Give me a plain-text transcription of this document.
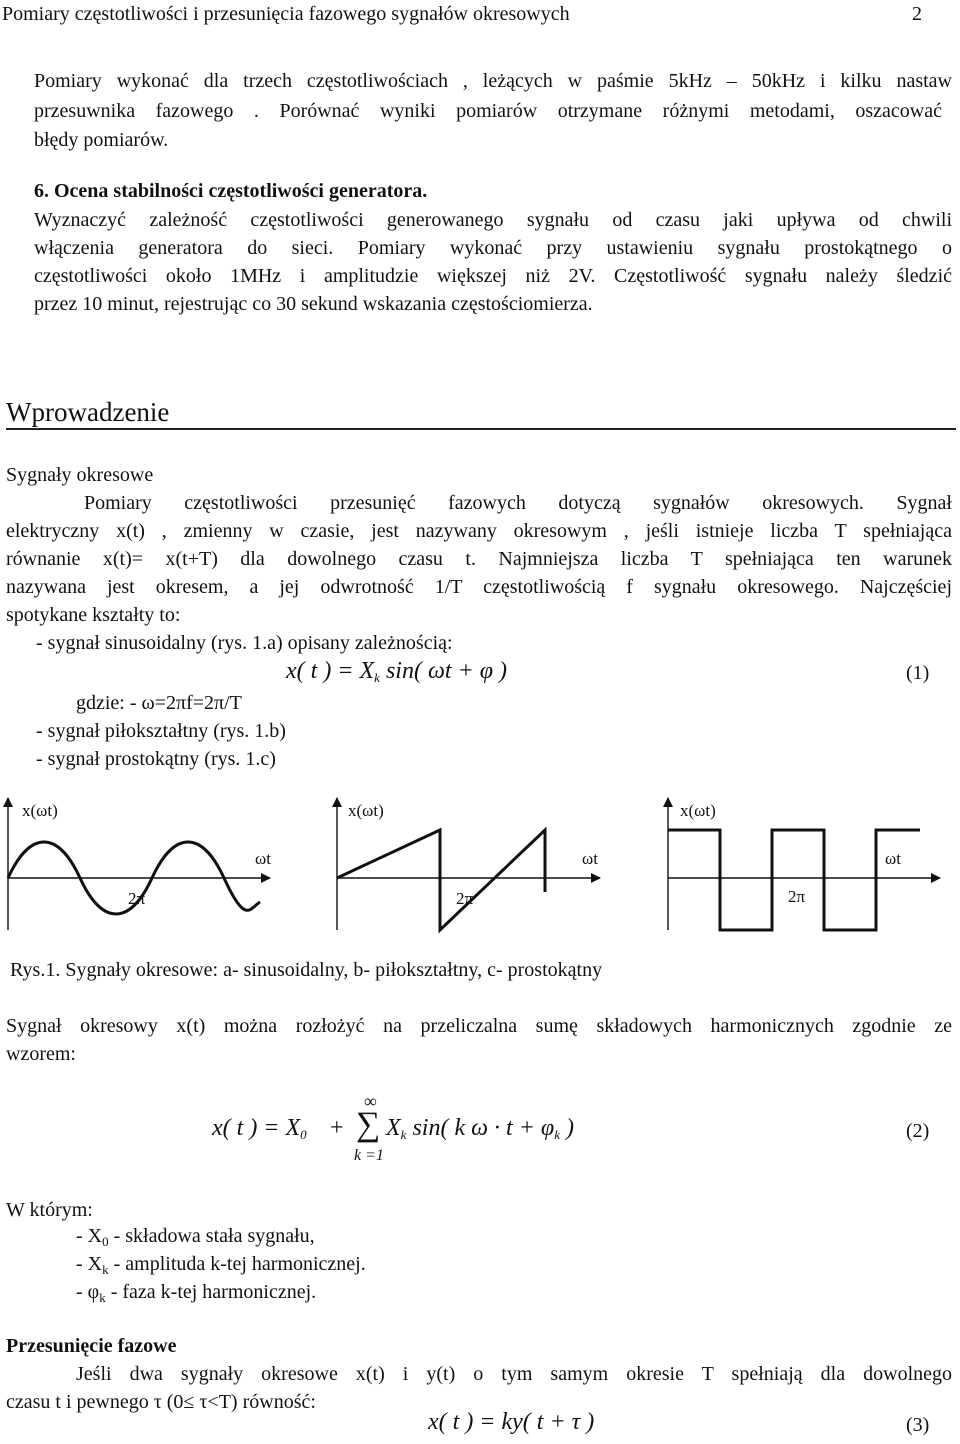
Pomiary częstotliwości i przesunięcia fazowego sygnałów okresowych	2
Pomiary wykonać dla trzech częstotliwościach , leżących w paśmie 5kHz – 50kHz i kilku nastaw
przesuwnika fazowego . Porównać wyniki pomiarów otrzymane różnymi metodami, oszacować
błędy pomiarów.
6. Ocena stabilności częstotliwości generatora.
Wyznaczyć zależność częstotliwości generowanego sygnału od czasu jaki upływa od chwili
włączenia generatora do sieci. Pomiary wykonać przy ustawieniu sygnału prostokątnego o
częstotliwości około 1MHz i amplitudzie większej niż 2V. Częstotliwość sygnału należy śledzić
przez 10 minut, rejestrując co 30 sekund wskazania częstościomierza.
Wprowadzenie
Sygnały okresowe
Pomiary częstotliwości przesunięć fazowych dotyczą sygnałów okresowych. Sygnał
elektryczny x(t) , zmienny w czasie, jest nazywany okresowym , jeśli istnieje liczba T spełniająca
równanie x(t)= x(t+T) dla dowolnego czasu t. Najmniejsza liczba T spełniająca ten warunek
nazywana jest okresem, a jej odwrotność 1/T częstotliwością f sygnału okresowego. Najczęściej
spotykane kształty to:
- sygnał sinusoidalny (rys. 1.a) opisany zależnością:
x( t ) = $X_k$ sin( ωt + φ )	(1)
gdzie: - ω=2πf=2π/T
- sygnał piłokształtny (rys. 1.b)
- sygnał prostokątny (rys. 1.c)
x(ωt)
ωt
2π
x(ωt)
ωt
2π
x(ωt)
ωt
2π
Rys.1. Sygnały okresowe: a- sinusoidalny, b- piłokształtny, c- prostokątny
Sygnał okresowy x(t) można rozłożyć na przeliczalna sumę składowych harmonicznych zgodnie ze
wzorem:
x( t ) = $X_0$ +
∞
∑
k =1
$X_k$ sin( k $\omega \cdot t + \varphi_k$ )	(2)
W którym:
- $X_0$ - składowa stała sygnału,
- $X_k$ - amplituda k-tej harmonicznej.
- $\varphi_k$ - faza k-tej harmonicznej.
Przesunięcie fazowe
Jeśli dwa sygnały okresowe x(t) i y(t) o tym samym okresie T spełniają dla dowolnego
czasu t i pewnego τ (0≤ τ<T) równość:
x( t ) = ky( t + τ )	(3)
